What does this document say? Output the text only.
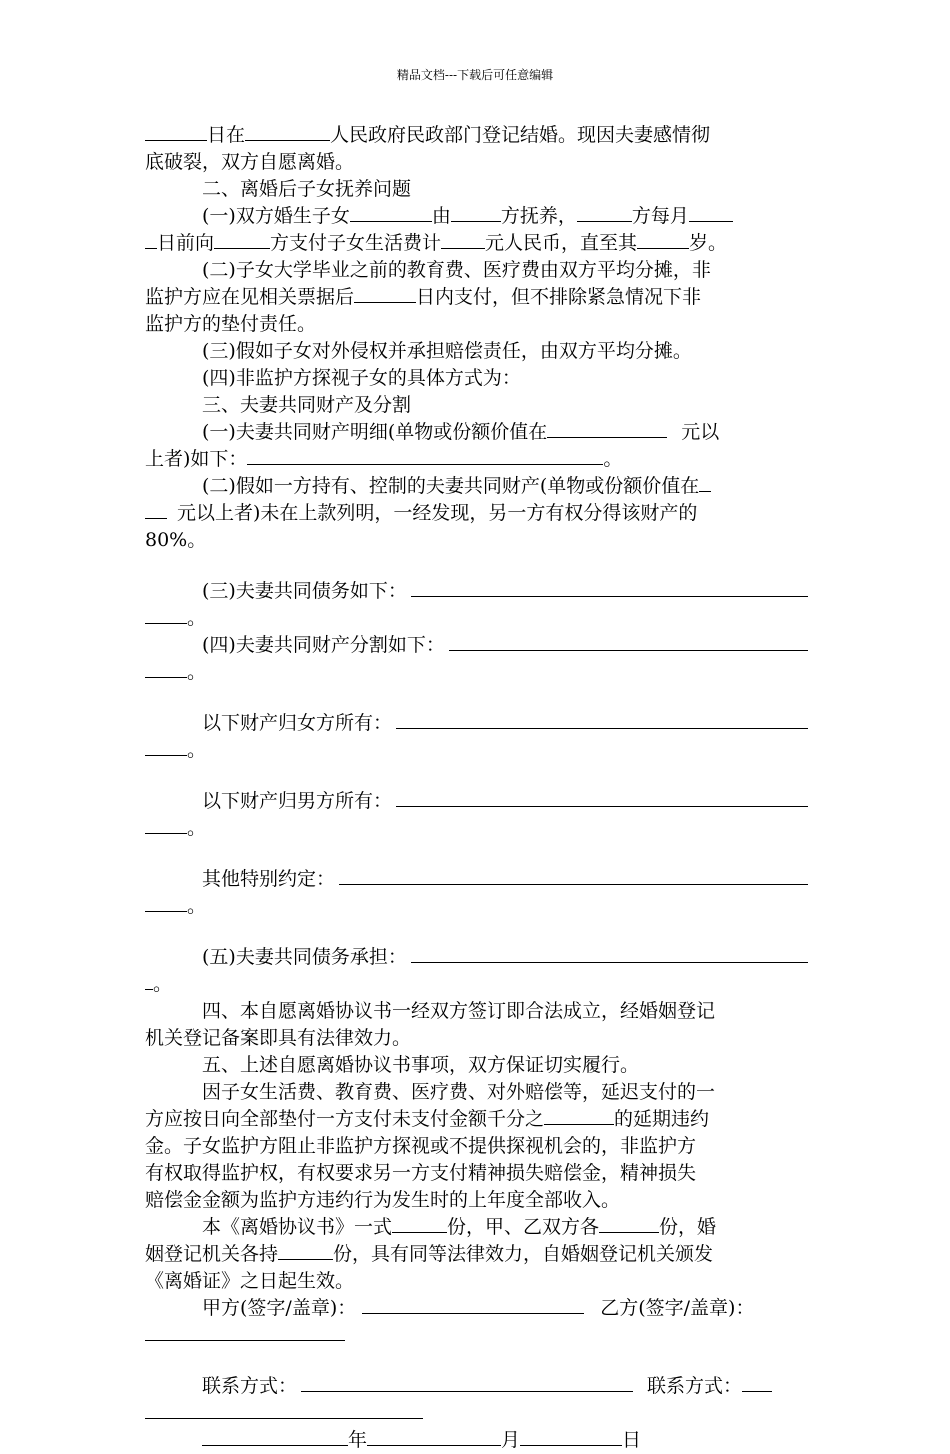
精品文档---下载后可任意编辑

日在	人民政府民政部门登记结婚。现因夫妻感情彻

底破裂，双方自愿离婚。

二、离婚后子女抚养问题

(一)双方婚生子女	由	方抚养，	方每月

日前向	方支付子女生活费计 元人民币，直至其	岁。

(二)子女大学毕业之前的教育费、医疗费由双方平均分摊，非

监护方应在见相关票据后	日内支付，但不排除紧急情况下非

监护方的垫付责任。

(三)假如子女对外侵权并承担赔偿责任，由双方平均分摊。

(四)非监护方探视子女的具体方式为：

三、夫妻共同财产及分割

(一)夫妻共同财产明细(单物或份额价值在	元以

上者)如下：	。

(二)假如一方持有、控制的夫妻共同财产(单物或份额价值在

元以上者)未在上款列明，一经发现，另一方有权分得该财产的

80%。

(三)夫妻共同债务如下：

。

(四)夫妻共同财产分割如下：

。

以下财产归女方所有：

。

以下财产归男方所有：

。

其他特别约定：

。

(五)夫妻共同债务承担：

。

四、本自愿离婚协议书一经双方签订即合法成立，经婚姻登记

机关登记备案即具有法律效力。

五、上述自愿离婚协议书事项，双方保证切实履行。

因子女生活费、教育费、医疗费、对外赔偿等，延迟支付的一

方应按日向全部垫付一方支付未支付金额千分之	的延期违约

金。子女监护方阻止非监护方探视或不提供探视机会的，非监护方

有权取得监护权，有权要求另一方支付精神损失赔偿金，精神损失

赔偿金金额为监护方违约行为发生时的上年度全部收入。

本《离婚协议书》一式	份，甲、乙双方各	份，婚

姻登记机关各持	份，具有同等法律效力，自婚姻登记机关颁发

《离婚证》之日起生效。

甲方(签字/盖章)：	乙方(签字/盖章)：

联系方式：	联系方式：

年	月	日
